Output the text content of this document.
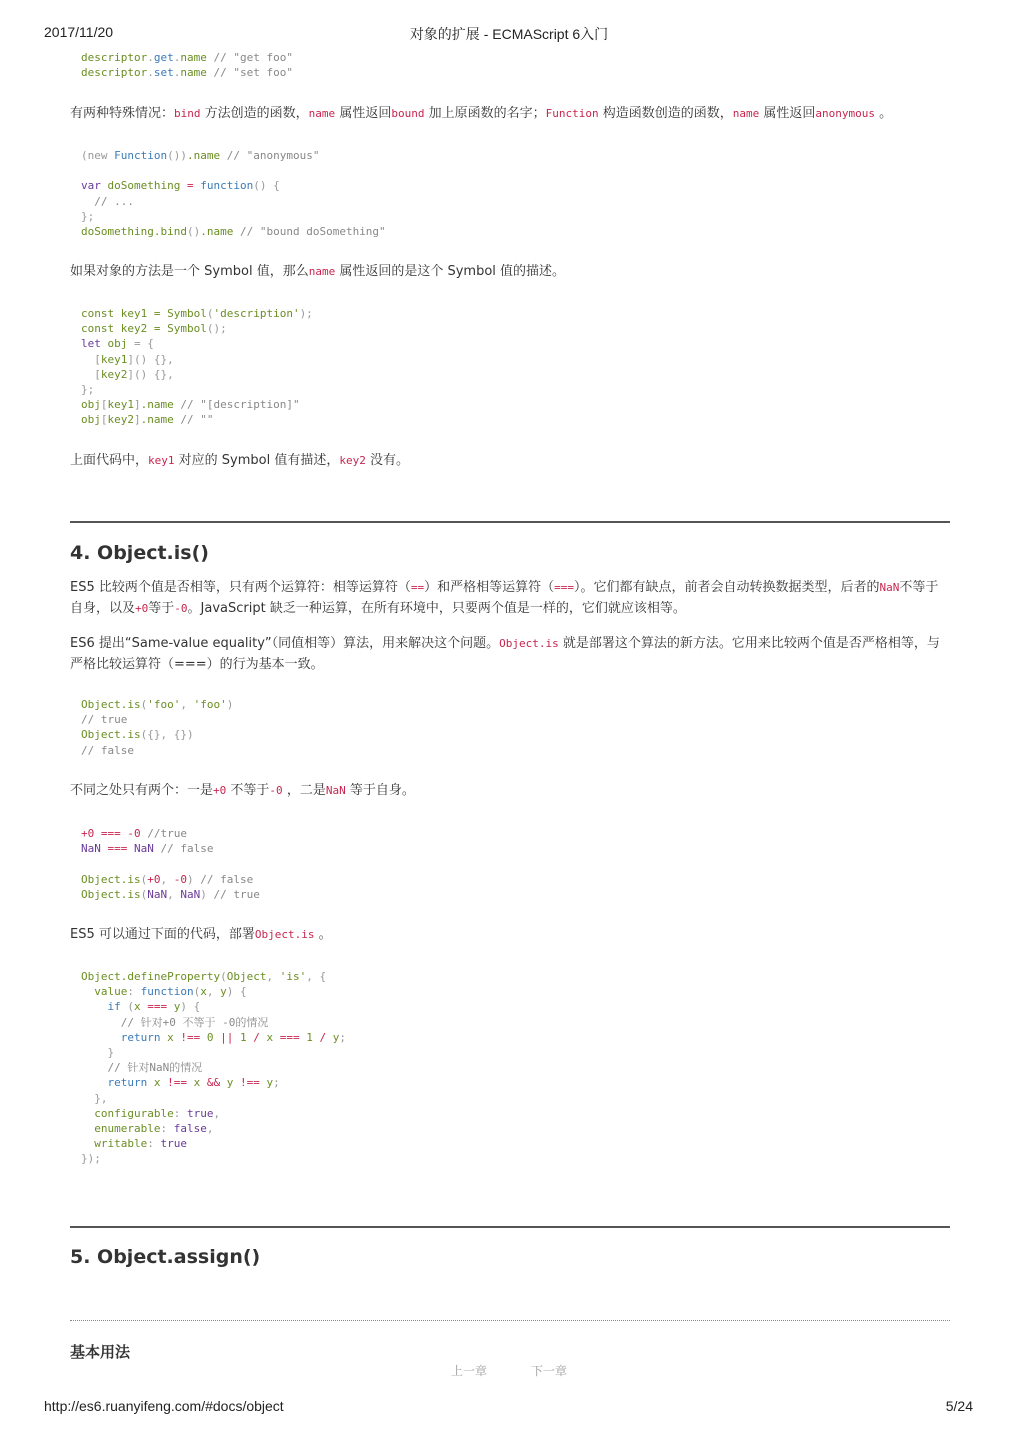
2017/11/20	对象的扩展 - ECMAScript 6入门
descriptor.get.name // "get foo"
descriptor.set.name // "set foo"

有两种特殊情况：bind 方法创造的函数，name 属性返回bound 加上原函数的名字；Function 构造函数创造的函数，name 属性返回anonymous 。

(new Function()).name // "anonymous"

var doSomething = function() {
// ...
};
doSomething.bind().name // "bound doSomething"

如果对象的方法是一个 Symbol 值，那么name 属性返回的是这个 Symbol 值的描述。

const key1 = Symbol('description');
const key2 = Symbol();
let obj = {
[key1]() {},
[key2]() {},
};
obj[key1].name // "[description]"
obj[key2].name // ""

上面代码中，key1 对应的 Symbol 值有描述，key2 没有。

4. Object.is()

ES5 比较两个值是否相等，只有两个运算符：相等运算符（==）和严格相等运算符（===）。它们都有缺点，前者会自动转换数据类型，后者的NaN不等于自身，以及+0等于-0。JavaScript 缺乏一种运算，在所有环境中，只要两个值是一样的，它们就应该相等。

ES6 提出“Same-value equality”（同值相等）算法，用来解决这个问题。Object.is 就是部署这个算法的新方法。它用来比较两个值是否严格相等，与严格比较运算符（===）的行为基本一致。

Object.is('foo', 'foo')
// true
Object.is({}, {})
// false

不同之处只有两个：一是+0 不等于-0 ，二是NaN 等于自身。

+0 === -0 //true
NaN === NaN // false

Object.is(+0, -0) // false
Object.is(NaN, NaN) // true

ES5 可以通过下面的代码，部署Object.is 。

Object.defineProperty(Object, 'is', {
value: function(x, y) {
if (x === y) {
// 针对+0 不等于 -0的情况
return x !== 0 || 1 / x === 1 / y;
}
// 针对NaN的情况
return x !== x && y !== y;
},
configurable: true,
enumerable: false,
writable: true
});
5. Object.assign()
基本用法
上一章	下一章
http://es6.ruanyifeng.com/#docs/object	5/24
